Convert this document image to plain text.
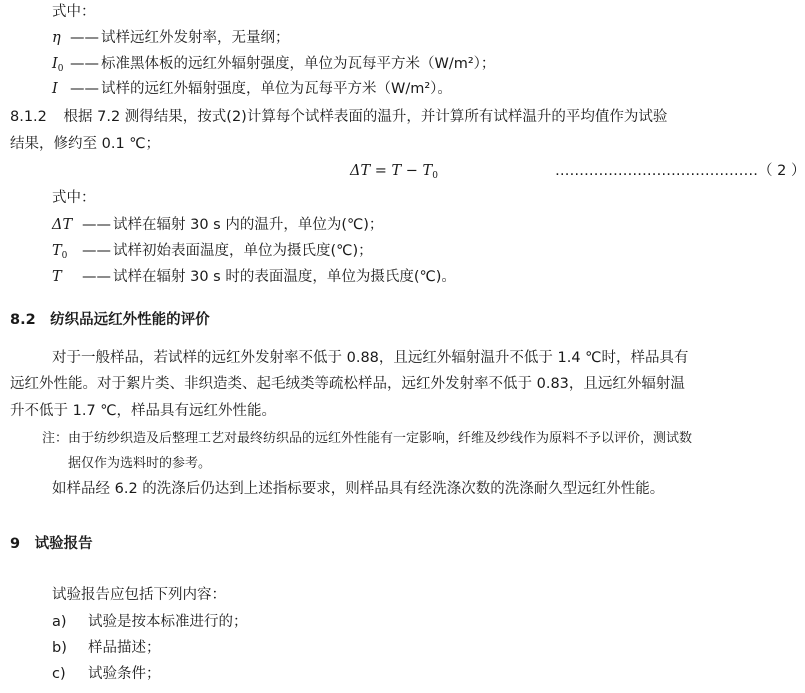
式中：
η —— 试样远红外发射率，无量纲；
$I_0$ —— 标准黑体板的远红外辐射强度，单位为瓦每平方米（W/m²）；
I —— 试样的远红外辐射强度，单位为瓦每平方米（W/m²）。
8.1.2 根据 7.2 测得结果，按式(2)计算每个试样表面的温升，并计算所有试样温升的平均值作为试验
结果，修约至 0.1 ℃；
$\Delta T = T - T_0$	……………………………………（ 2 ）
式中：
ΔT —— 试样在辐射 30 s 内的温升，单位为(℃)；
$T_0$ —— 试样初始表面温度，单位为摄氏度(℃)；
T —— 试样在辐射 30 s 时的表面温度，单位为摄氏度(℃)。
8.2　纺织品远红外性能的评价
对于一般样品，若试样的远红外发射率不低于 0.88，且远红外辐射温升不低于 1.4 ℃时，样品具有
远红外性能。对于絮片类、非织造类、起毛绒类等疏松样品，远红外发射率不低于 0.83，且远红外辐射温
升不低于 1.7 ℃，样品具有远红外性能。
注：由于纺纱织造及后整理工艺对最终纺织品的远红外性能有一定影响，纤维及纱线作为原料不予以评价，测试数
据仅作为选料时的参考。
如样品经 6.2 的洗涤后仍达到上述指标要求，则样品具有经洗涤次数的洗涤耐久型远红外性能。
9　试验报告
试验报告应包括下列内容：
a) 试验是按本标准进行的；
b) 样品描述；
c) 试验条件；
